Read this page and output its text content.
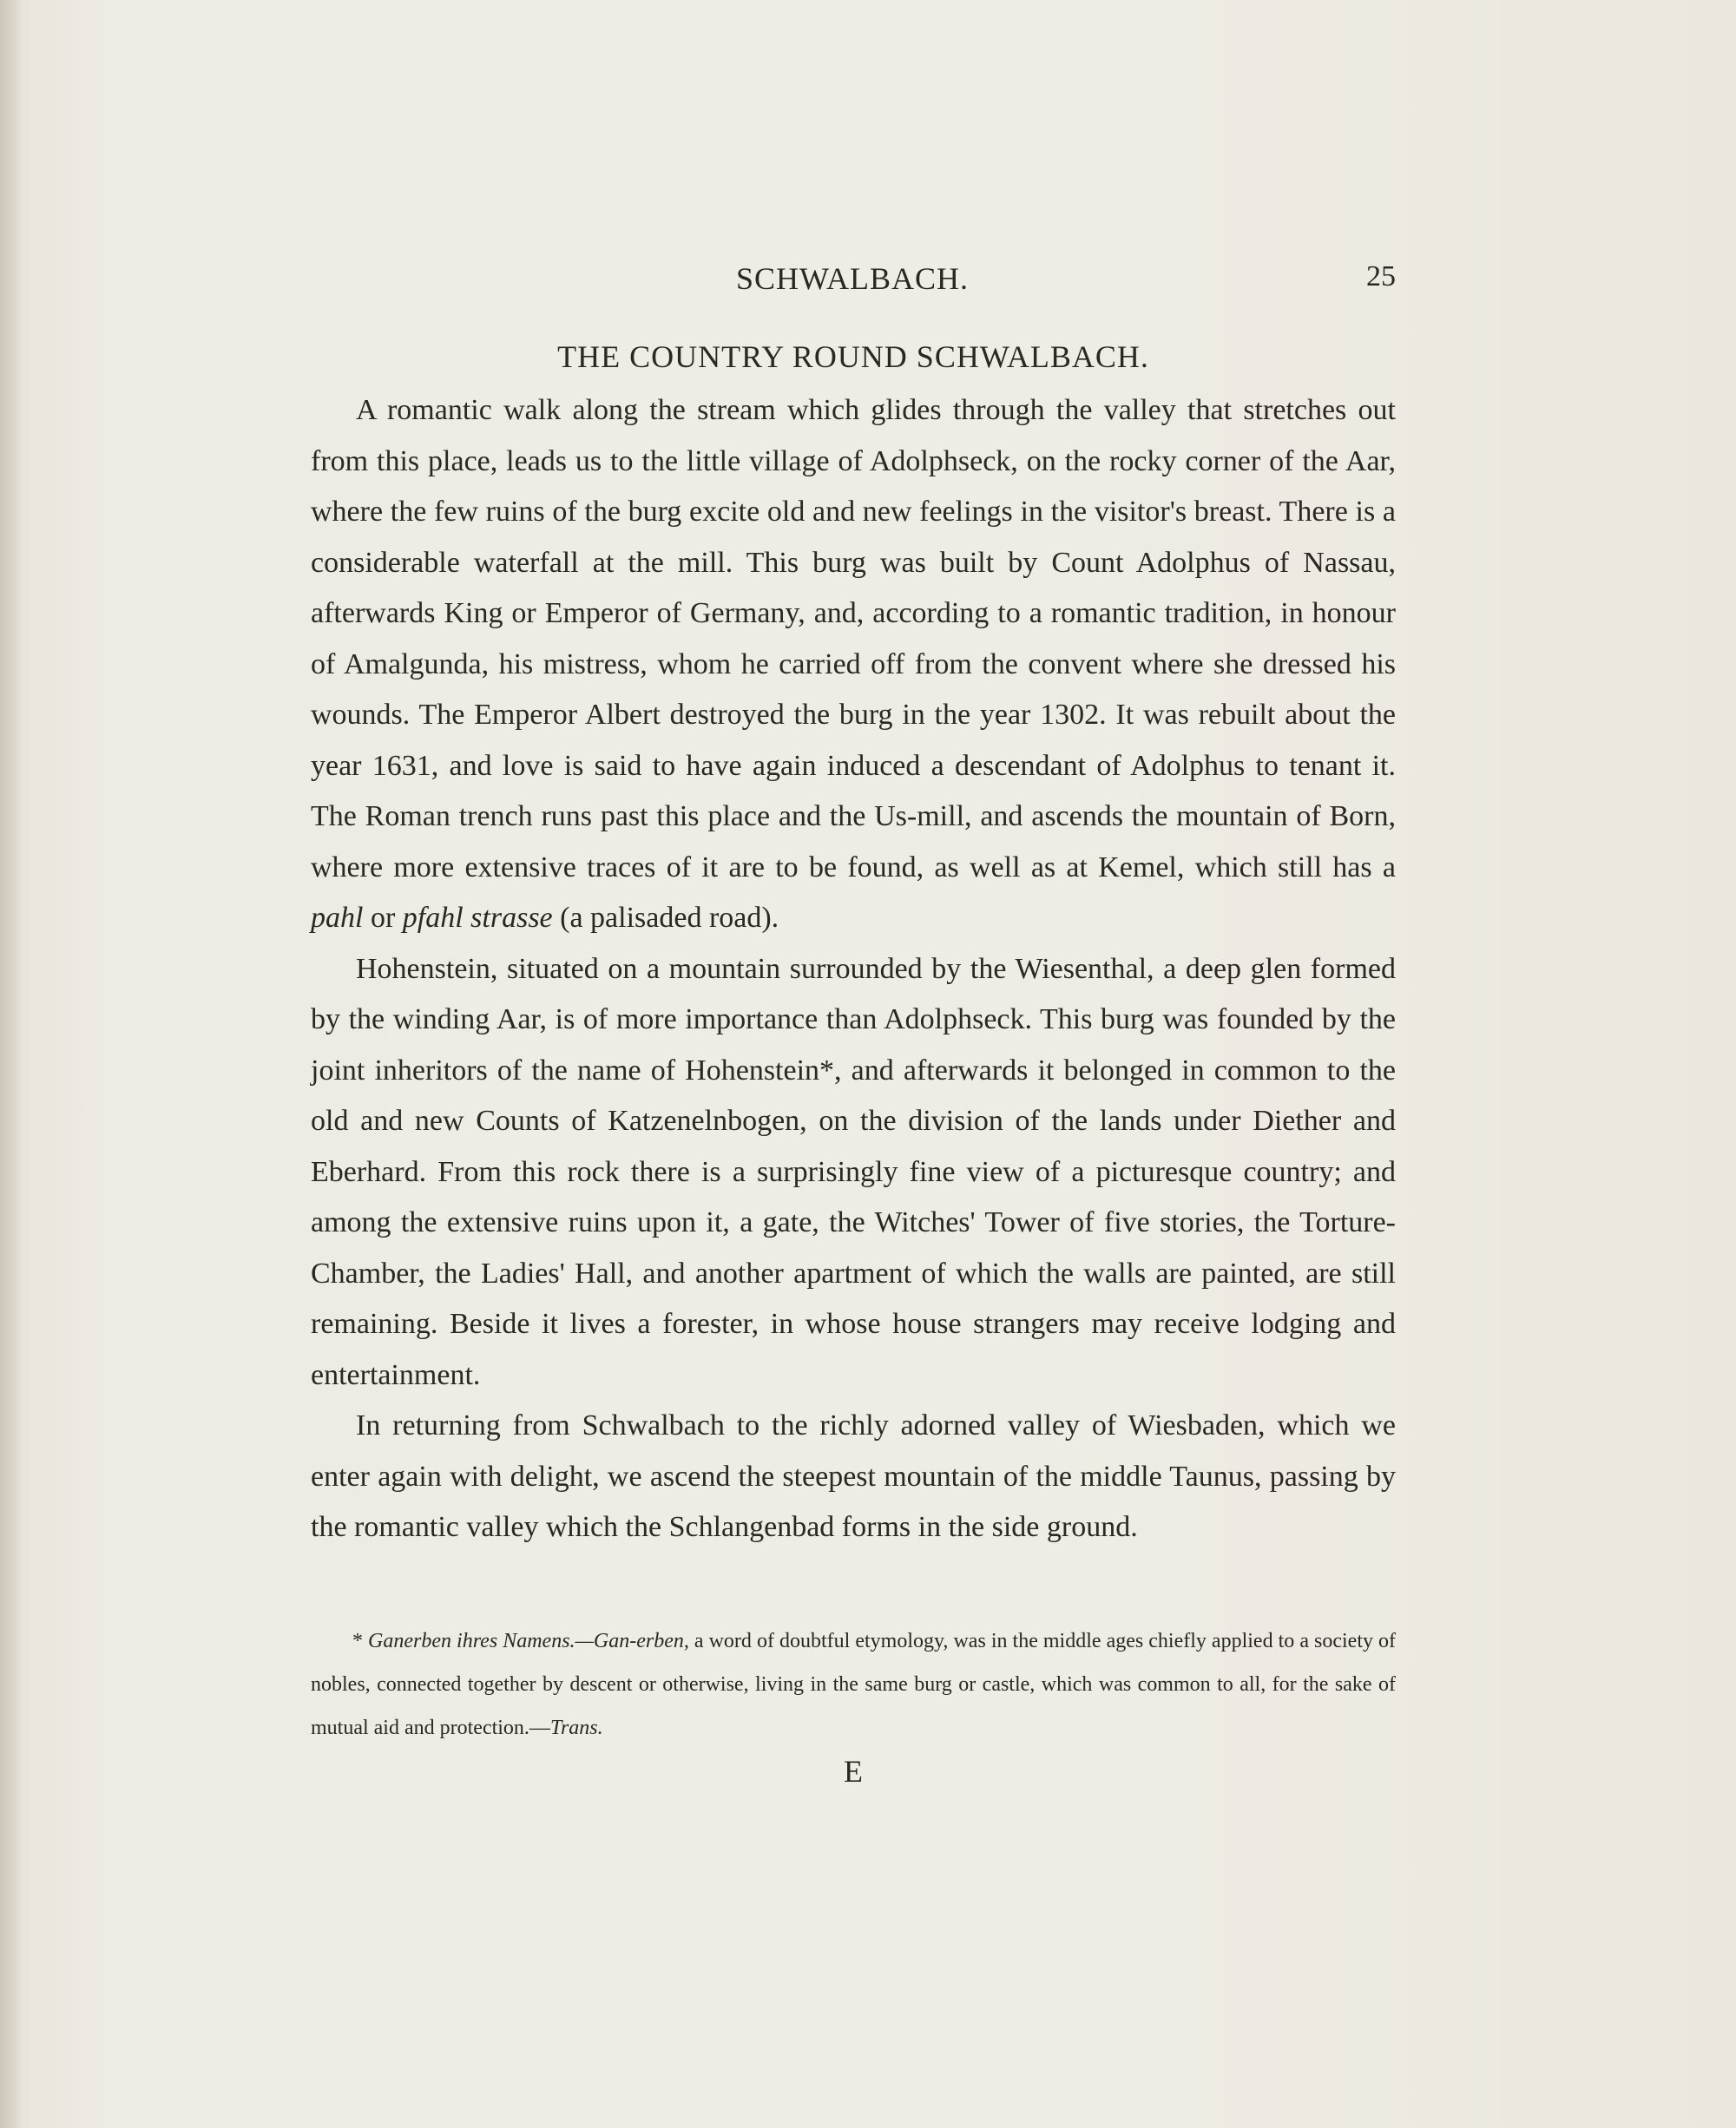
SCHWALBACH.	25
THE COUNTRY ROUND SCHWALBACH.

A romantic walk along the stream which glides through the valley that stretches out from this place, leads us to the little village of Adolphseck, on the rocky corner of the Aar, where the few ruins of the burg excite old and new feelings in the visitor's breast. There is a considerable waterfall at the mill. This burg was built by Count Adolphus of Nassau, afterwards King or Emperor of Germany, and, according to a romantic tradition, in honour of Amalgunda, his mistress, whom he carried off from the convent where she dressed his wounds. The Emperor Albert destroyed the burg in the year 1302. It was rebuilt about the year 1631, and love is said to have again induced a descendant of Adolphus to tenant it. The Roman trench runs past this place and the Us-mill, and ascends the mountain of Born, where more extensive traces of it are to be found, as well as at Kemel, which still has a pahl or pfahl strasse (a palisaded road).

Hohenstein, situated on a mountain surrounded by the Wiesenthal, a deep glen formed by the winding Aar, is of more importance than Adolphseck. This burg was founded by the joint inheritors of the name of Hohenstein*, and afterwards it belonged in common to the old and new Counts of Katzenelnbogen, on the division of the lands under Diether and Eberhard. From this rock there is a surprisingly fine view of a picturesque country; and among the extensive ruins upon it, a gate, the Witches' Tower of five stories, the Torture-Chamber, the Ladies' Hall, and another apartment of which the walls are painted, are still remaining. Beside it lives a forester, in whose house strangers may receive lodging and entertainment.

In returning from Schwalbach to the richly adorned valley of Wiesbaden, which we enter again with delight, we ascend the steepest mountain of the middle Taunus, passing by the romantic valley which the Schlangenbad forms in the side ground.

* Ganerben ihres Namens.—Gan-erben, a word of doubtful etymology, was in the middle ages chiefly applied to a society of nobles, connected together by descent or otherwise, living in the same burg or castle, which was common to all, for the sake of mutual aid and protection.—Trans.
E
